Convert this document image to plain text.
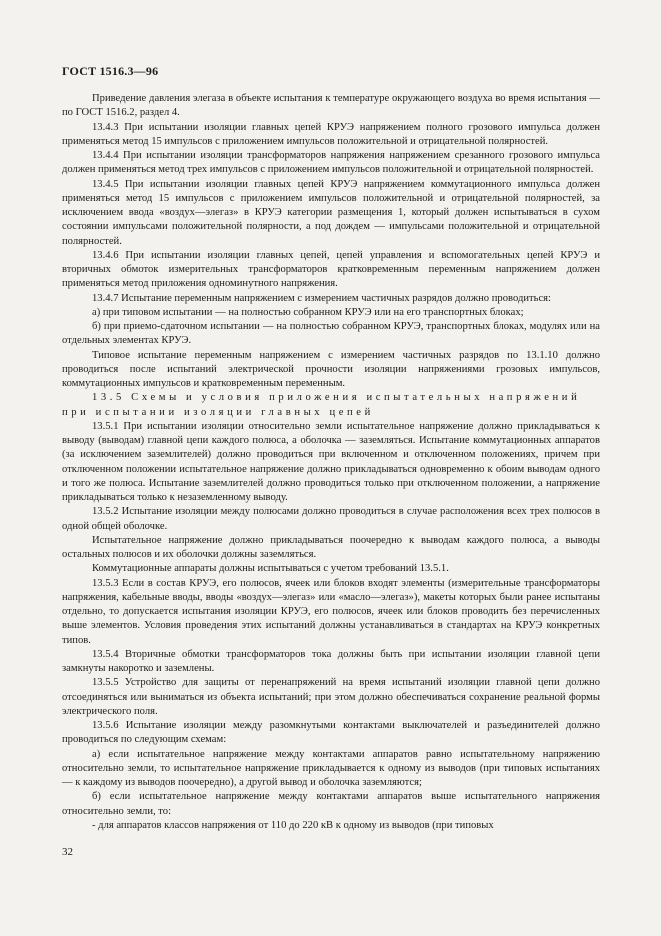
ГОСТ 1516.3—96

Приведение давления элегаза в объекте испытания к температуре окружающего воздуха во время испытания — по ГОСТ 1516.2, раздел 4.

13.4.3 При испытании изоляции главных цепей КРУЭ напряжением полного грозового импульса должен применяться метод 15 импульсов с приложением импульсов положительной и отрицательной полярностей.

13.4.4 При испытании изоляции трансформаторов напряжения напряжением срезанного грозового импульса должен применяться метод трех импульсов с приложением импульсов положительной и отрицательной полярностей.

13.4.5 При испытании изоляции главных цепей КРУЭ напряжением коммутационного импульса должен применяться метод 15 импульсов с приложением импульсов положительной и отрицательной полярностей, за исключением ввода «воздух—элегаз» в КРУЭ категории размещения 1, который должен испытываться в сухом состоянии импульсами положительной полярности, а под дождем — импульсами положительной и отрицательной полярностей.

13.4.6 При испытании изоляции главных цепей, цепей управления и вспомогательных цепей КРУЭ и вторичных обмоток измерительных трансформаторов кратковременным переменным напряжением должен применяться метод приложения одноминутного напряжения.

13.4.7 Испытание переменным напряжением с измерением частичных разрядов должно проводиться:

а) при типовом испытании — на полностью собранном КРУЭ или на его транспортных блоках;

б) при приемо-сдаточном испытании — на полностью собранном КРУЭ, транспортных блоках, модулях или на отдельных элементах КРУЭ.

Типовое испытание переменным напряжением с измерением частичных разрядов по 13.1.10 должно проводиться после испытаний электрической прочности изоляции напряжениями грозовых импульсов, коммутационных импульсов и кратковременным переменным.

13.5 Схемы и условия приложения испытательных напряжений при испытании изоляции главных цепей

13.5.1 При испытании изоляции относительно земли испытательное напряжение должно прикладываться к выводу (выводам) главной цепи каждого полюса, а оболочка — заземляться. Испытание коммутационных аппаратов (за исключением заземлителей) должно проводиться при включенном и отключенном положениях, причем при отключенном положении испытательное напряжение должно прикладываться одновременно к обоим выводам одного и того же полюса. Испытание заземлителей должно проводиться только при отключенном положении, а напряжение прикладываться только к незаземленному выводу.

13.5.2 Испытание изоляции между полюсами должно проводиться в случае расположения всех трех полюсов в одной общей оболочке.

Испытательное напряжение должно прикладываться поочередно к выводам каждого полюса, а выводы остальных полюсов и их оболочки должны заземляться.

Коммутационные аппараты должны испытываться с учетом требований 13.5.1.

13.5.3 Если в состав КРУЭ, его полюсов, ячеек или блоков входят элементы (измерительные трансформаторы напряжения, кабельные вводы, вводы «воздух—элегаз» или «масло—элегаз»), макеты которых были ранее испытаны отдельно, то допускается испытания изоляции КРУЭ, его полюсов, ячеек или блоков проводить без перечисленных выше элементов. Условия проведения этих испытаний должны устанавливаться в стандартах на КРУЭ конкретных типов.

13.5.4 Вторичные обмотки трансформаторов тока должны быть при испытании изоляции главной цепи замкнуты накоротко и заземлены.

13.5.5 Устройство для защиты от перенапряжений на время испытаний изоляции главной цепи должно отсоединяться или выниматься из объекта испытаний; при этом должно обеспечиваться сохранение реальной формы электрического поля.

13.5.6 Испытание изоляции между разомкнутыми контактами выключателей и разъединителей должно проводиться по следующим схемам:

а) если испытательное напряжение между контактами аппаратов равно испытательному напряжению относительно земли, то испытательное напряжение прикладывается к одному из выводов (при типовых испытаниях — к каждому из выводов поочередно), а другой вывод и оболочка заземляются;

б) если испытательное напряжение между контактами аппаратов выше испытательного напряжения относительно земли, то:

- для аппаратов классов напряжения от 110 до 220 кВ к одному из выводов (при типовых

32
